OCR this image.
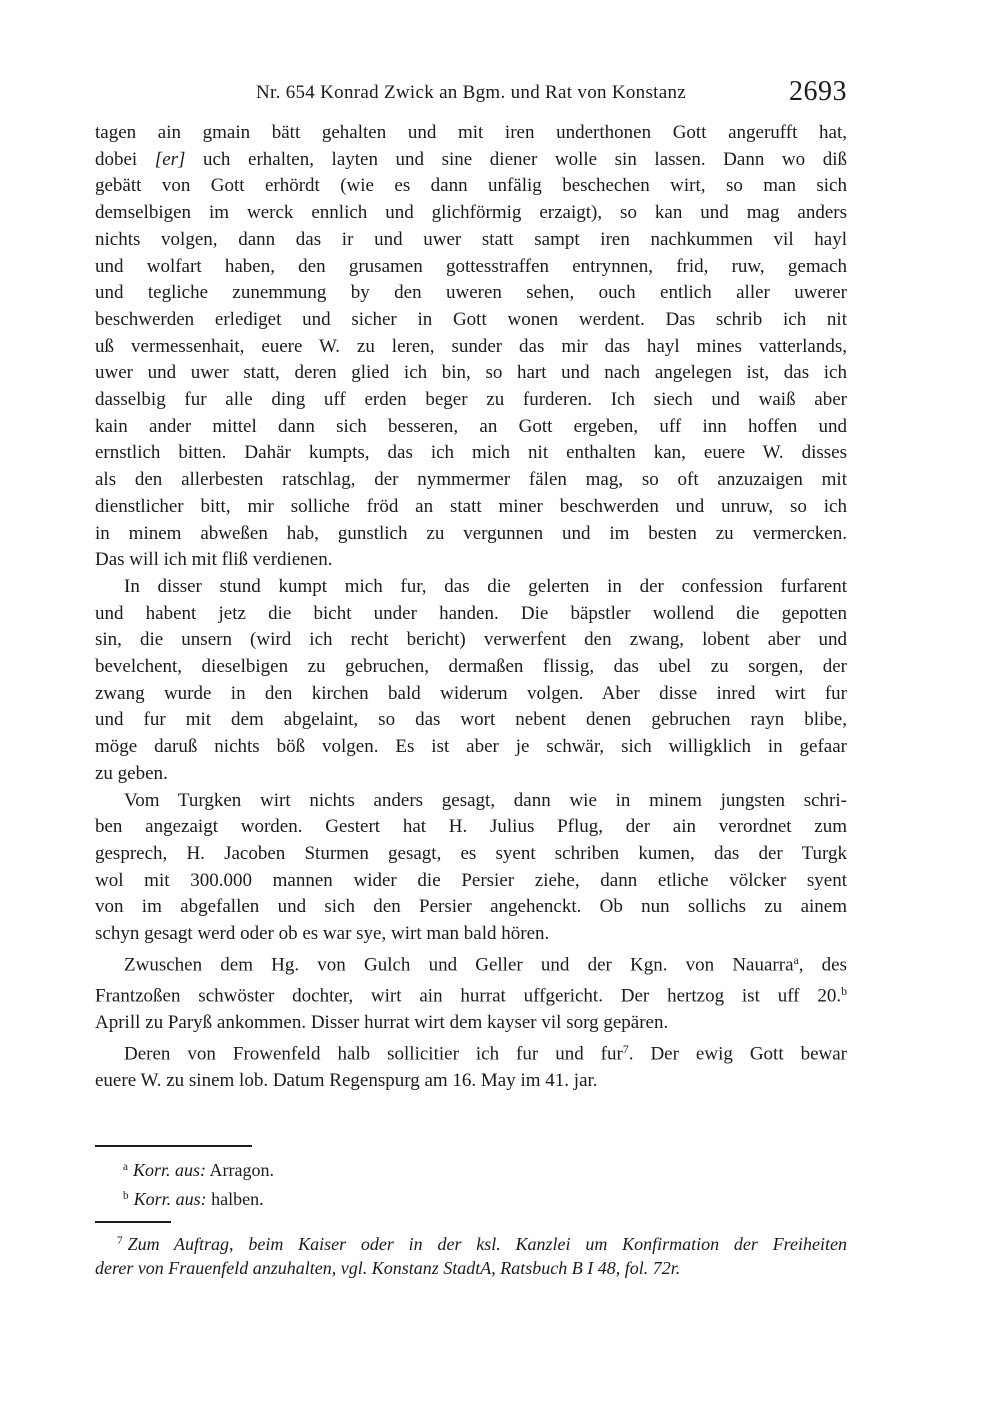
Nr. 654 Konrad Zwick an Bgm. und Rat von Konstanz	2693
tagen ain gmain bätt gehalten und mit iren underthonen Gott angerufft hat,
dobei [er] uch erhalten, layten und sine diener wolle sin lassen. Dann wo diß
gebätt von Gott erhördt (wie es dann unfälig beschechen wirt, so man sich
demselbigen im werck ennlich und glichförmig erzaigt), so kan und mag anders
nichts volgen, dann das ir und uwer statt sampt iren nachkummen vil hayl
und wolfart haben, den grusamen gottesstraffen entrynnen, frid, ruw, gemach
und tegliche zunemmung by den uweren sehen, ouch entlich aller uwerer
beschwerden erlediget und sicher in Gott wonen werdent. Das schrib ich nit
uß vermessenhait, euere W. zu leren, sunder das mir das hayl mines vatterlands,
uwer und uwer statt, deren glied ich bin, so hart und nach angelegen ist, das ich
dasselbig fur alle ding uff erden beger zu furderen. Ich siech und waiß aber
kain ander mittel dann sich besseren, an Gott ergeben, uff inn hoffen und
ernstlich bitten. Dahär kumpts, das ich mich nit enthalten kan, euere W. disses
als den allerbesten ratschlag, der nymmermer fälen mag, so oft anzuzaigen mit
dienstlicher bitt, mir solliche fröd an statt miner beschwerden und unruw, so ich
in minem abweßen hab, gunstlich zu vergunnen und im besten zu vermercken.
Das will ich mit fliß verdienen.
In disser stund kumpt mich fur, das die gelerten in der confession furfarent
und habent jetz die bicht under handen. Die bäpstler wollend die gepotten
sin, die unsern (wird ich recht bericht) verwerfent den zwang, lobent aber und
bevelchent, dieselbigen zu gebruchen, dermaßen flissig, das ubel zu sorgen, der
zwang wurde in den kirchen bald widerum volgen. Aber disse inred wirt fur
und fur mit dem abgelaint, so das wort nebent denen gebruchen rayn blibe,
möge daruß nichts böß volgen. Es ist aber je schwär, sich willigklich in gefaar
zu geben.
Vom Turgken wirt nichts anders gesagt, dann wie in minem jungsten schri-
ben angezaigt worden. Gestert hat H. Julius Pflug, der ain verordnet zum
gesprech, H. Jacoben Sturmen gesagt, es syent schriben kumen, das der Turgk
wol mit 300.000 mannen wider die Persier ziehe, dann etliche völcker syent
von im abgefallen und sich den Persier angehenckt. Ob nun sollichs zu ainem
schyn gesagt werd oder ob es war sye, wirt man bald hören.
Zwuschen dem Hg. von Gulch und Geller und der Kgn. von Nauarra$^a$, des
Frantzoßen schwöster dochter, wirt ain hurrat uffgericht. Der hertzog ist uff 20.$^b$
Aprill zu Paryß ankommen. Disser hurrat wirt dem kayser vil sorg gepären.
Deren von Frowenfeld halb sollicitier ich fur und fur$^7$. Der ewig Gott bewar
euere W. zu sinem lob. Datum Regenspurg am 16. May im 41. jar.
$^a$ Korr. aus: Arragon.
$^b$ Korr. aus: halben.
$^7$ Zum Auftrag, beim Kaiser oder in der ksl. Kanzlei um Konfirmation der Freiheiten
derer von Frauenfeld anzuhalten, vgl. Konstanz StadtA, Ratsbuch B I 48, fol. 72r.
